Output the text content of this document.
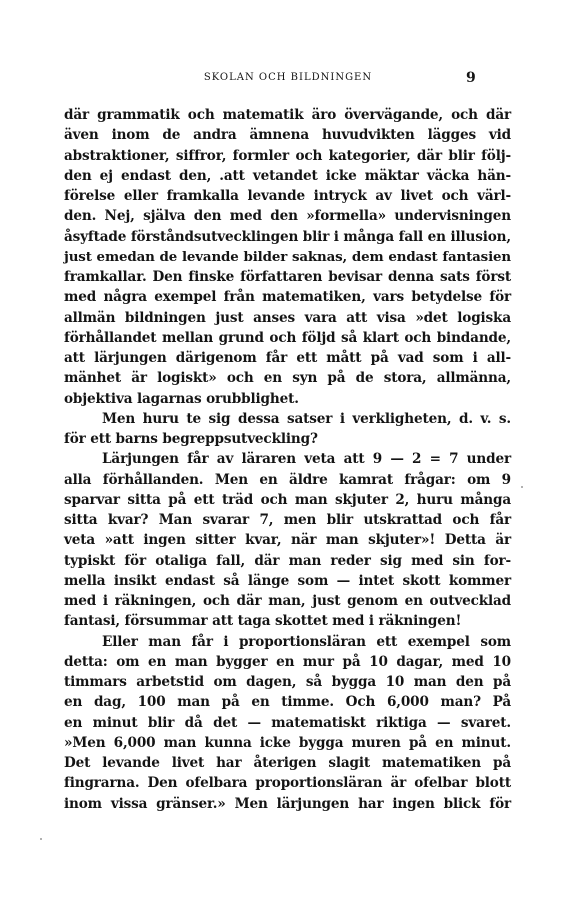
SKOLAN OCH BILDNINGEN	9
där grammatik och matematik äro övervägande, och där
även inom de andra ämnena huvudvikten lägges vid
abstraktioner, siffror, formler och kategorier, där blir följ-
den ej endast den, .att vetandet icke mäktar väcka hän-
förelse eller framkalla levande intryck av livet och värl-
den. Nej, själva den med den »formella» undervisningen
åsyftade förståndsutvecklingen blir i många fall en illusion,
just emedan de levande bilder saknas, dem endast fantasien
framkallar. Den finske författaren bevisar denna sats först
med några exempel från matematiken, vars betydelse för
allmän bildningen just anses vara att visa »det logiska
förhållandet mellan grund och följd så klart och bindande,
att lärjungen därigenom får ett mått på vad som i all-
mänhet är logiskt» och en syn på de stora, allmänna,
objektiva lagarnas orubblighet.
Men huru te sig dessa satser i verkligheten, d. v. s.
för ett barns begreppsutveckling?
Lärjungen får av läraren veta att 9 — 2 = 7 under
alla förhållanden. Men en äldre kamrat frågar: om 9
sparvar sitta på ett träd och man skjuter 2, huru många
sitta kvar? Man svarar 7, men blir utskrattad och får
veta »att ingen sitter kvar, när man skjuter»! Detta är
typiskt för otaliga fall, där man reder sig med sin for-
mella insikt endast så länge som — intet skott kommer
med i räkningen, och där man, just genom en outvecklad
fantasi, försummar att taga skottet med i räkningen!
Eller man får i proportionsläran ett exempel som
detta: om en man bygger en mur på 10 dagar, med 10
timmars arbetstid om dagen, så bygga 10 man den på
en dag, 100 man på en timme. Och 6,000 man? På
en minut blir då det — matematiskt riktiga — svaret.
»Men 6,000 man kunna icke bygga muren på en minut.
Det levande livet har återigen slagit matematiken på
fingrarna. Den ofelbara proportionsläran är ofelbar blott
inom vissa gränser.» Men lärjungen har ingen blick för
